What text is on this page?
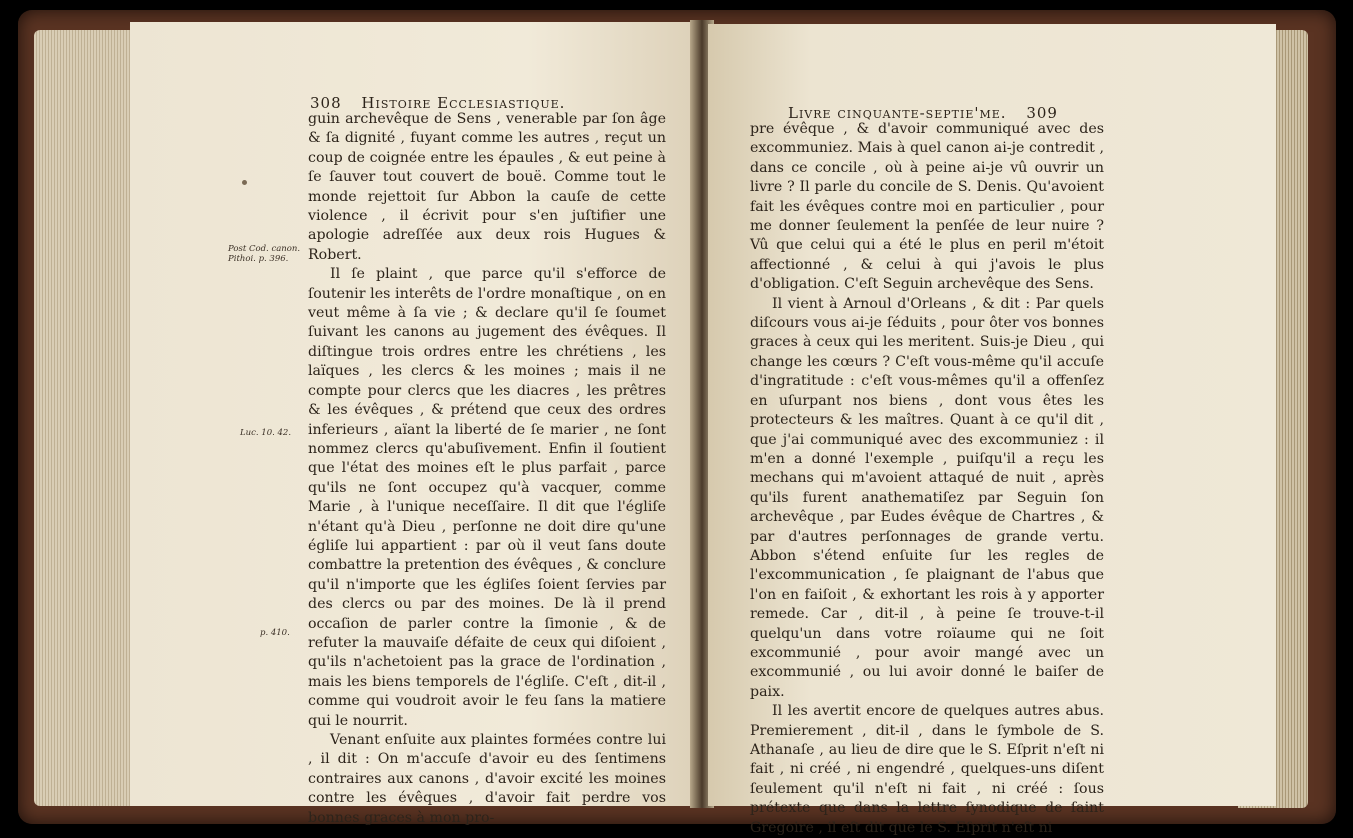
308 Histoire Ecclesiastique.
Post Cod. canon.
Pithoi. p. 396.
Luc. 10. 42.
p. 410.

guin archevêque de Sens , venerable par ſon âge & ſa dignité , fuyant comme les autres , reçut un coup de coignée entre les épaules , & eut peine à ſe ſauver tout couvert de bouë. Comme tout le monde rejettoit ſur Abbon la cauſe de cette violence , il écrivit pour s'en juſtifier une apologie adreſſée aux deux rois Hugues & Robert.

Il ſe plaint , que parce qu'il s'efforce de ſoutenir les interêts de l'ordre monaſtique , on en veut même à ſa vie ; & declare qu'il ſe ſoumet ſuivant les canons au jugement des évêques. Il diſtingue trois ordres entre les chrétiens , les laïques , les clercs & les moines ; mais il ne compte pour clercs que les diacres , les prêtres & les évêques , & prétend que ceux des ordres inferieurs , aïant la liberté de ſe marier , ne ſont nommez clercs qu'abuſivement. Enfin il ſoutient que l'état des moines eſt le plus parfait , parce qu'ils ne ſont occupez qu'à vacquer, comme Marie , à l'unique neceſſaire. Il dit que l'égliſe n'étant qu'à Dieu , perſonne ne doit dire qu'une égliſe lui appartient : par où il veut ſans doute combattre la pretention des évêques , & conclure qu'il n'importe que les égliſes ſoient ſervies par des clercs ou par des moines. De là il prend occaſion de parler contre la ſimonie , & de refuter la mauvaiſe défaite de ceux qui diſoient , qu'ils n'achetoient pas la grace de l'ordination , mais les biens temporels de l'égliſe. C'eſt , dit-il , comme qui voudroit avoir le feu ſans la matiere qui le nourrit.

Venant enſuite aux plaintes formées contre lui , il dit : On m'accuſe d'avoir eu des ſentimens contraires aux canons , d'avoir excité les moines contre les évêques , d'avoir fait perdre vos bonnes graces à mon pro-

Livre cinquante-septie'me. 309

pre évêque , & d'avoir communiqué avec des excommuniez. Mais à quel canon ai-je contredit , dans ce concile , où à peine ai-je vû ouvrir un livre ? Il parle du concile de S. Denis. Qu'avoient fait les évêques contre moi en particulier , pour me donner ſeulement la penſée de leur nuire ? Vû que celui qui a été le plus en peril m'étoit affectionné , & celui à qui j'avois le plus d'obligation. C'eſt Seguin archevêque des Sens.

Il vient à Arnoul d'Orleans , & dit : Par quels diſcours vous ai-je ſéduits , pour ôter vos bonnes graces à ceux qui les meritent. Suis-je Dieu , qui change les cœurs ? C'eſt vous-même qu'il accuſe d'ingratitude : c'eſt vous-mêmes qu'il a offenſez en uſurpant nos biens , dont vous êtes les protecteurs & les maîtres. Quant à ce qu'il dit , que j'ai communiqué avec des excommuniez : il m'en a donné l'exemple , puiſqu'il a reçu les mechans qui m'avoient attaqué de nuit , après qu'ils furent anathematiſez par Seguin ſon archevêque , par Eudes évêque de Chartres , & par d'autres perſonnages de grande vertu. Abbon s'étend enſuite ſur les regles de l'excommunication , ſe plaignant de l'abus que l'on en faiſoit , & exhortant les rois à y apporter remede. Car , dit-il , à peine ſe trouve-t-il quelqu'un dans votre roïaume qui ne ſoit excommunié , pour avoir mangé avec un excommunié , ou lui avoir donné le baiſer de paix.

Il les avertit encore de quelques autres abus. Premierement , dit-il , dans le ſymbole de S. Athanaſe , au lieu de dire que le S. Eſprit n'eſt ni fait , ni créé , ni engendré , quelques-uns diſent ſeulement qu'il n'eſt ni fait , ni créé : ſous prétexte que dans la lettre ſynodique de ſaint Gregoire , il eſt dit que le S. Eſprit n'eſt ni
